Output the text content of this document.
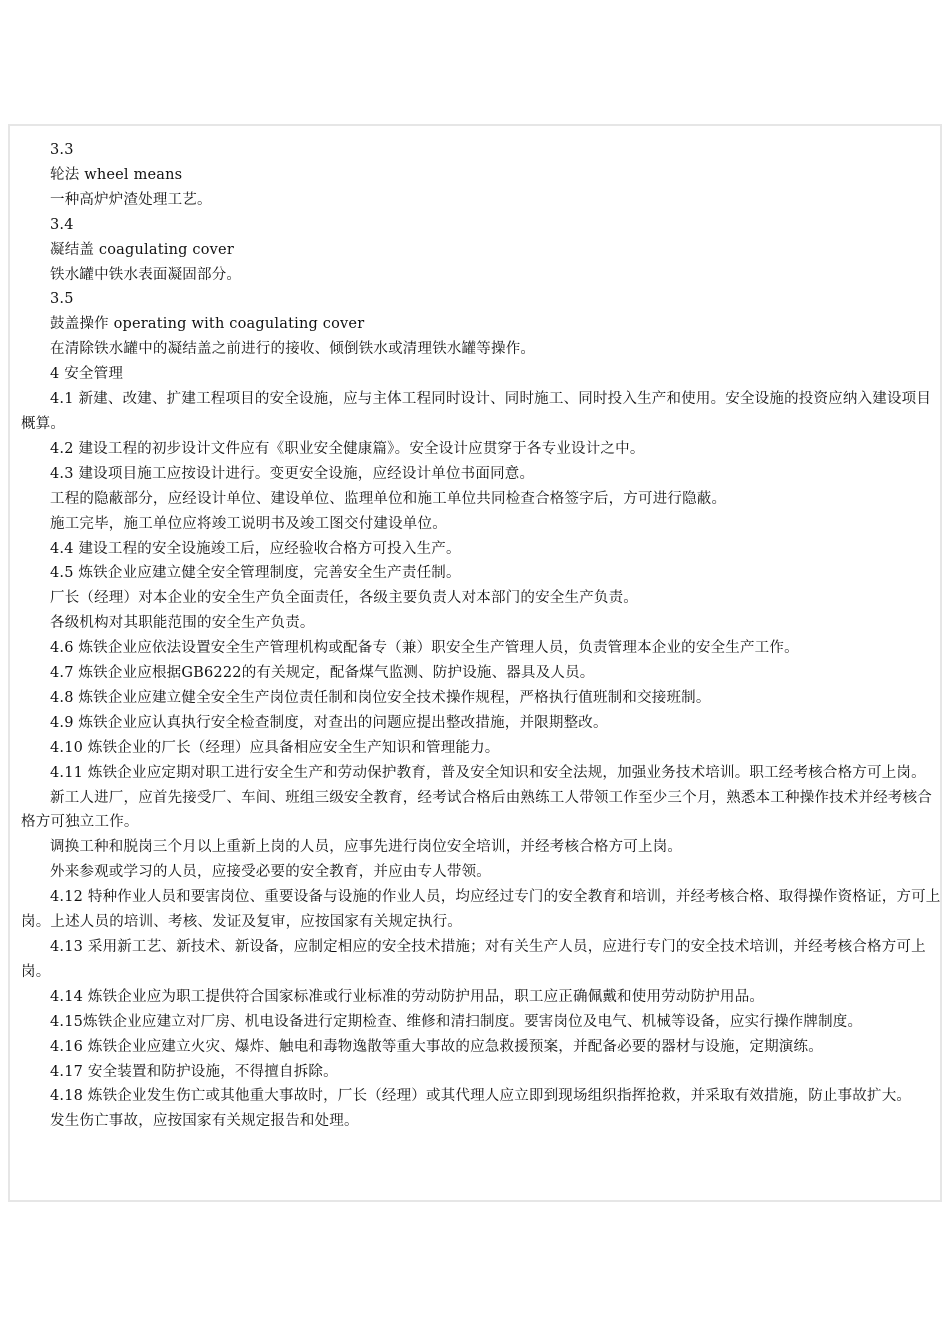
3.3

轮法 wheel means

一种高炉炉渣处理工艺。

3.4

凝结盖 coagulating cover

铁水罐中铁水表面凝固部分。

3.5

鼓盖操作 operating with coagulating cover

在清除铁水罐中的凝结盖之前进行的接收、倾倒铁水或清理铁水罐等操作。

4 安全管理

4.1 新建、改建、扩建工程项目的安全设施，应与主体工程同时设计、同时施工、同时投入生产和使用。安全设施的投资应纳入建设项目概算。

4.2 建设工程的初步设计文件应有《职业安全健康篇》。安全设计应贯穿于各专业设计之中。

4.3 建设项目施工应按设计进行。变更安全设施，应经设计单位书面同意。

工程的隐蔽部分，应经设计单位、建设单位、监理单位和施工单位共同检查合格签字后，方可进行隐蔽。

施工完毕，施工单位应将竣工说明书及竣工图交付建设单位。

4.4 建设工程的安全设施竣工后，应经验收合格方可投入生产。

4.5 炼铁企业应建立健全安全管理制度，完善安全生产责任制。

厂长（经理）对本企业的安全生产负全面责任，各级主要负责人对本部门的安全生产负责。

各级机构对其职能范围的安全生产负责。

4.6 炼铁企业应依法设置安全生产管理机构或配备专（兼）职安全生产管理人员，负责管理本企业的安全生产工作。

4.7 炼铁企业应根据GB6222的有关规定，配备煤气监测、防护设施、器具及人员。

4.8 炼铁企业应建立健全安全生产岗位责任制和岗位安全技术操作规程，严格执行值班制和交接班制。

4.9 炼铁企业应认真执行安全检查制度，对查出的问题应提出整改措施，并限期整改。

4.10 炼铁企业的厂长（经理）应具备相应安全生产知识和管理能力。

4.11 炼铁企业应定期对职工进行安全生产和劳动保护教育，普及安全知识和安全法规，加强业务技术培训。职工经考核合格方可上岗。

新工人进厂，应首先接受厂、车间、班组三级安全教育，经考试合格后由熟练工人带领工作至少三个月，熟悉本工种操作技术并经考核合格方可独立工作。

调换工种和脱岗三个月以上重新上岗的人员，应事先进行岗位安全培训，并经考核合格方可上岗。

外来参观或学习的人员，应接受必要的安全教育，并应由专人带领。

4.12 特种作业人员和要害岗位、重要设备与设施的作业人员，均应经过专门的安全教育和培训，并经考核合格、取得操作资格证，方可上岗。上述人员的培训、考核、发证及复审，应按国家有关规定执行。

4.13 采用新工艺、新技术、新设备，应制定相应的安全技术措施；对有关生产人员，应进行专门的安全技术培训，并经考核合格方可上岗。

4.14 炼铁企业应为职工提供符合国家标准或行业标准的劳动防护用品，职工应正确佩戴和使用劳动防护用品。

4.15炼铁企业应建立对厂房、机电设备进行定期检查、维修和清扫制度。要害岗位及电气、机械等设备，应实行操作牌制度。

4.16 炼铁企业应建立火灾、爆炸、触电和毒物逸散等重大事故的应急救援预案，并配备必要的器材与设施，定期演练。

4.17 安全装置和防护设施，不得擅自拆除。

4.18 炼铁企业发生伤亡或其他重大事故时，厂长（经理）或其代理人应立即到现场组织指挥抢救，并采取有效措施，防止事故扩大。

发生伤亡事故，应按国家有关规定报告和处理。
